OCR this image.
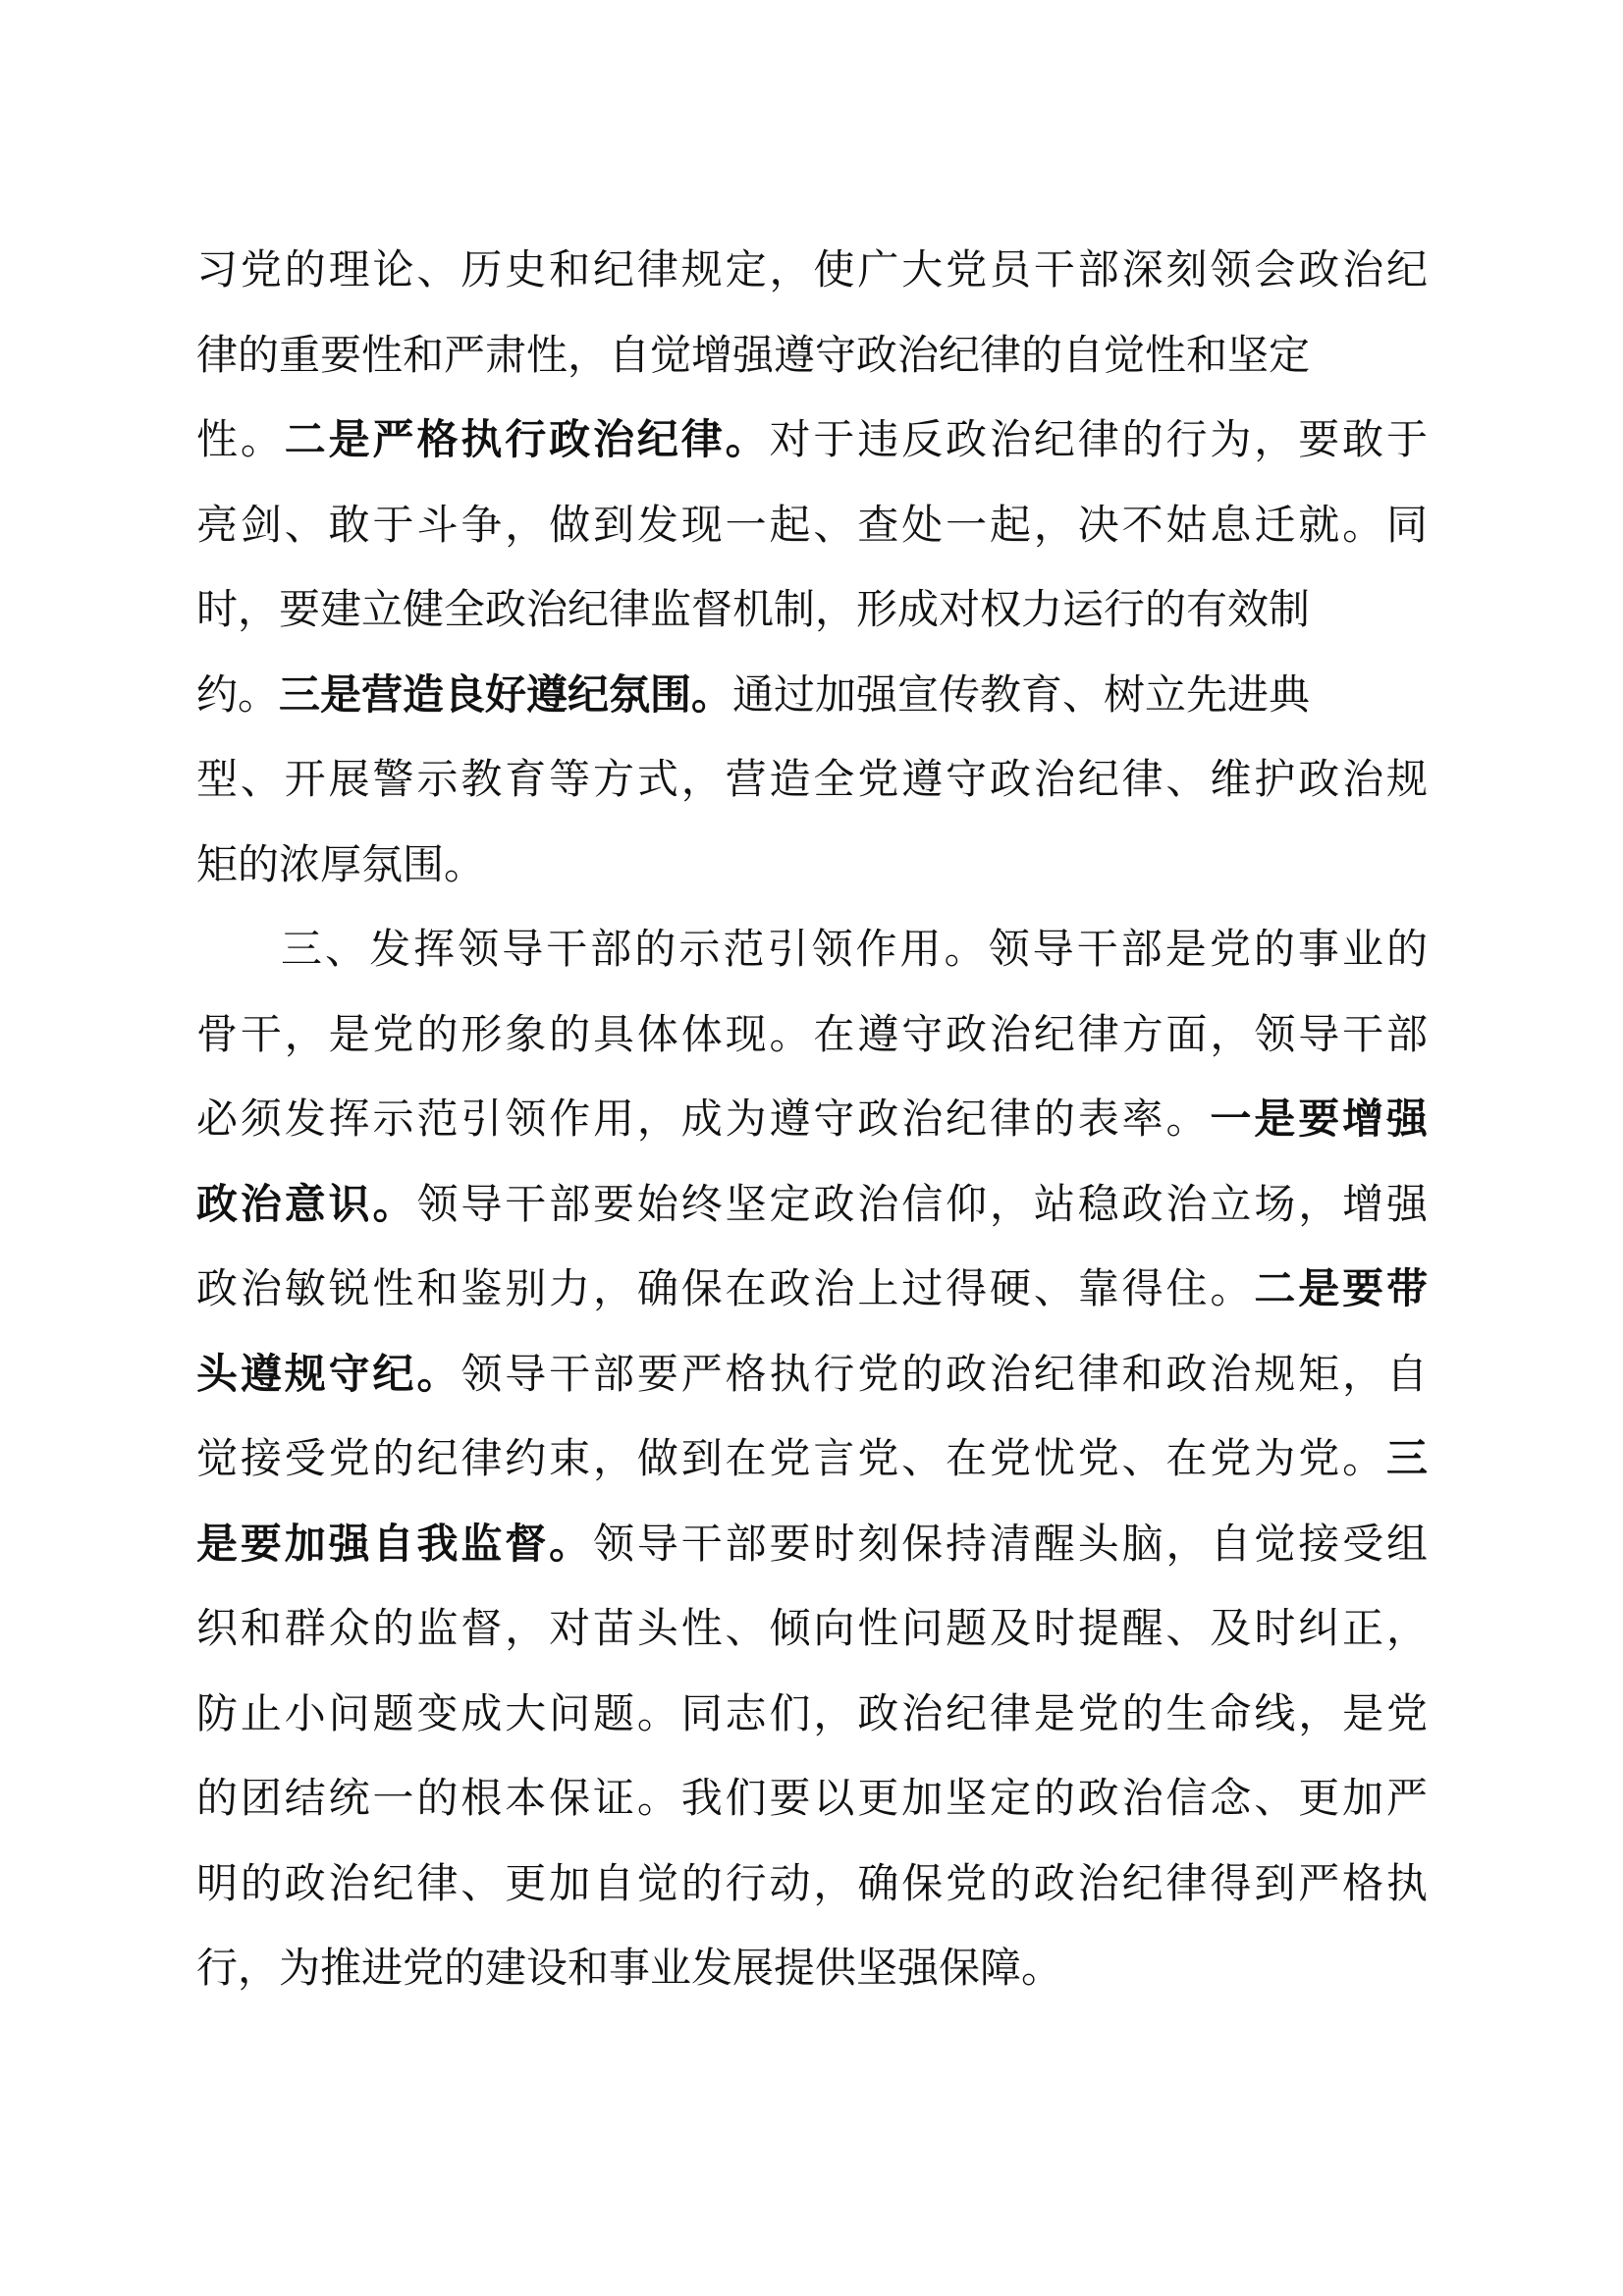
习党的理论、历史和纪律规定，使广大党员干部深刻领会政治纪
律的重要性和严肃性，自觉增强遵守政治纪律的自觉性和坚定
性。二是严格执行政治纪律。对于违反政治纪律的行为，要敢于
亮剑、敢于斗争，做到发现一起、查处一起，决不姑息迁就。同
时，要建立健全政治纪律监督机制，形成对权力运行的有效制
约。三是营造良好遵纪氛围。通过加强宣传教育、树立先进典
型、开展警示教育等方式，营造全党遵守政治纪律、维护政治规
矩的浓厚氛围。
三、发挥领导干部的示范引领作用。领导干部是党的事业的
骨干，是党的形象的具体体现。在遵守政治纪律方面，领导干部
必须发挥示范引领作用，成为遵守政治纪律的表率。一是要增强
政治意识。领导干部要始终坚定政治信仰，站稳政治立场，增强
政治敏锐性和鉴别力，确保在政治上过得硬、靠得住。二是要带
头遵规守纪。领导干部要严格执行党的政治纪律和政治规矩，自
觉接受党的纪律约束，做到在党言党、在党忧党、在党为党。三
是要加强自我监督。领导干部要时刻保持清醒头脑，自觉接受组
织和群众的监督，对苗头性、倾向性问题及时提醒、及时纠正，
防止小问题变成大问题。同志们，政治纪律是党的生命线，是党
的团结统一的根本保证。我们要以更加坚定的政治信念、更加严
明的政治纪律、更加自觉的行动，确保党的政治纪律得到严格执
行，为推进党的建设和事业发展提供坚强保障。
